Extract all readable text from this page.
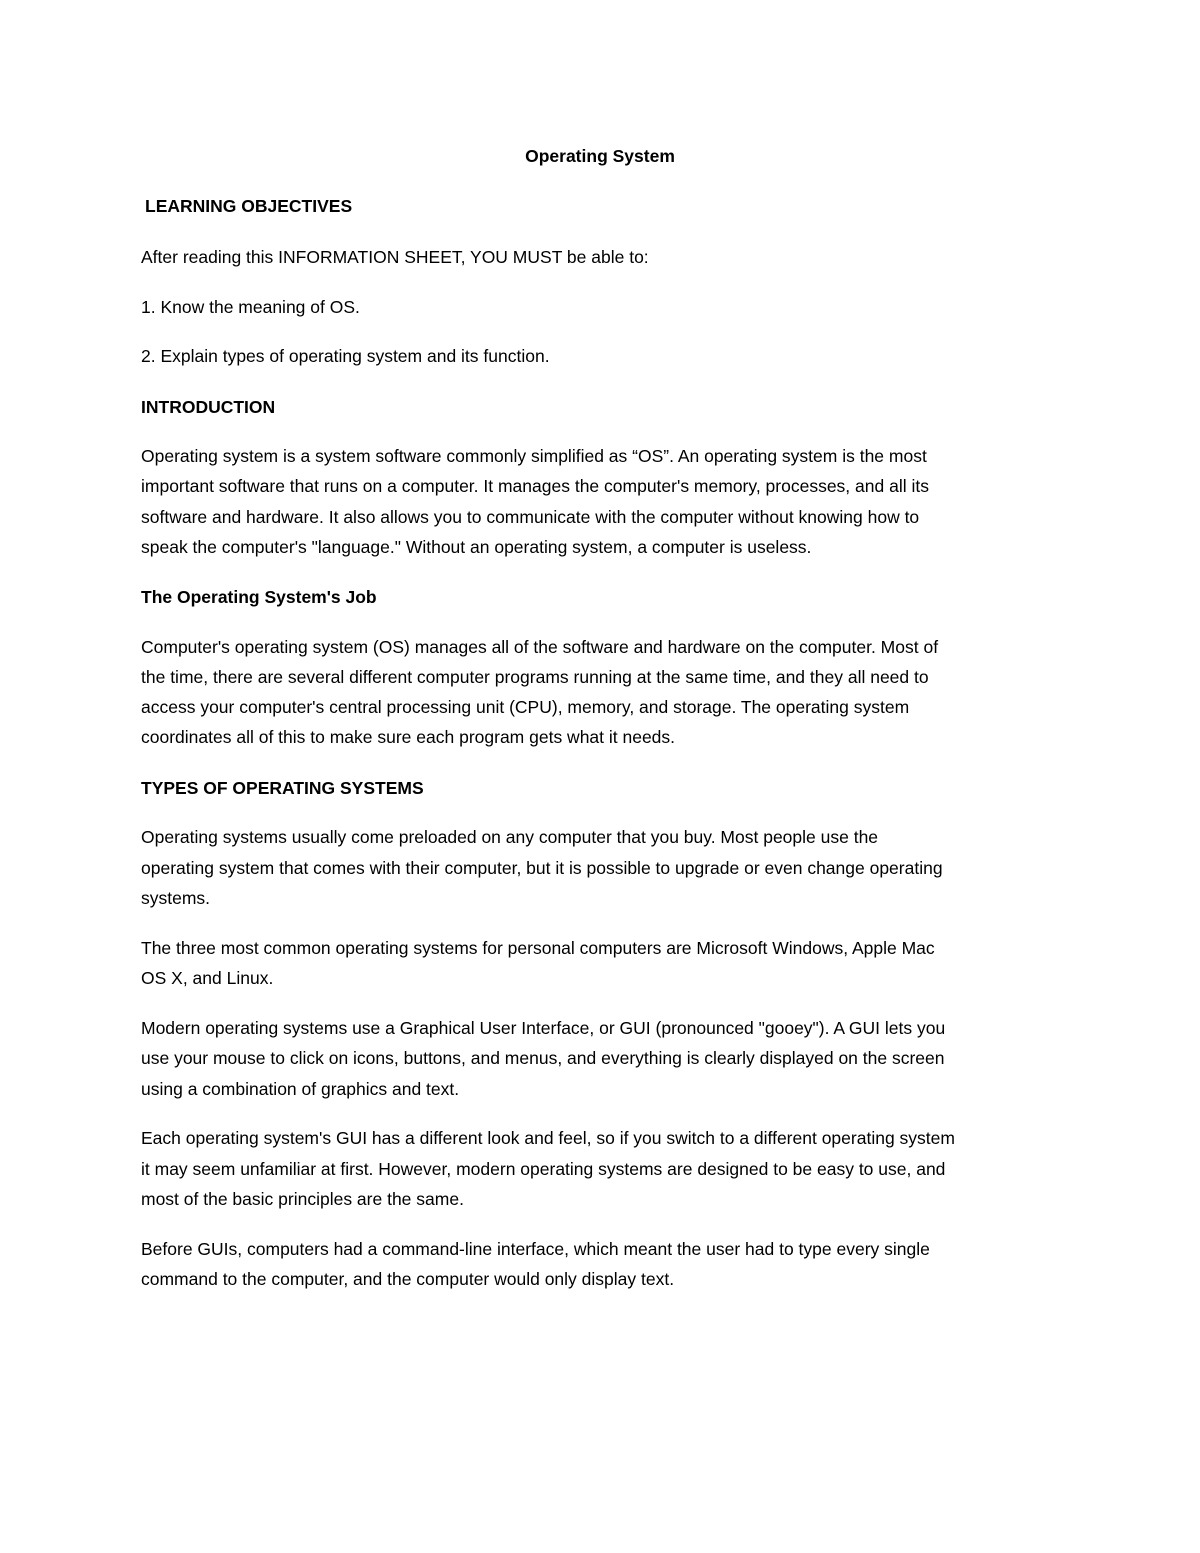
Operating System

LEARNING OBJECTIVES

After reading this INFORMATION SHEET, YOU MUST be able to:

1. Know the meaning of OS.

2. Explain types of operating system and its function.

INTRODUCTION

Operating system is a system software commonly simplified as “OS”. An operating system is the most

important software that runs on a computer. It manages the computer's memory, processes, and all its

software and hardware. It also allows you to communicate with the computer without knowing how to

speak the computer's "language." Without an operating system, a computer is useless.

The Operating System's Job

Computer's operating system (OS) manages all of the software and hardware on the computer. Most of

the time, there are several different computer programs running at the same time, and they all need to

access your computer's central processing unit (CPU), memory, and storage. The operating system

coordinates all of this to make sure each program gets what it needs.

TYPES OF OPERATING SYSTEMS

Operating systems usually come preloaded on any computer that you buy. Most people use the

operating system that comes with their computer, but it is possible to upgrade or even change operating

systems.

The three most common operating systems for personal computers are Microsoft Windows, Apple Mac

OS X, and Linux.

Modern operating systems use a Graphical User Interface, or GUI (pronounced "gooey"). A GUI lets you

use your mouse to click on icons, buttons, and menus, and everything is clearly displayed on the screen

using a combination of graphics and text.

Each operating system's GUI has a different look and feel, so if you switch to a different operating system

it may seem unfamiliar at first. However, modern operating systems are designed to be easy to use, and

most of the basic principles are the same.

Before GUIs, computers had a command-line interface, which meant the user had to type every single

command to the computer, and the computer would only display text.
